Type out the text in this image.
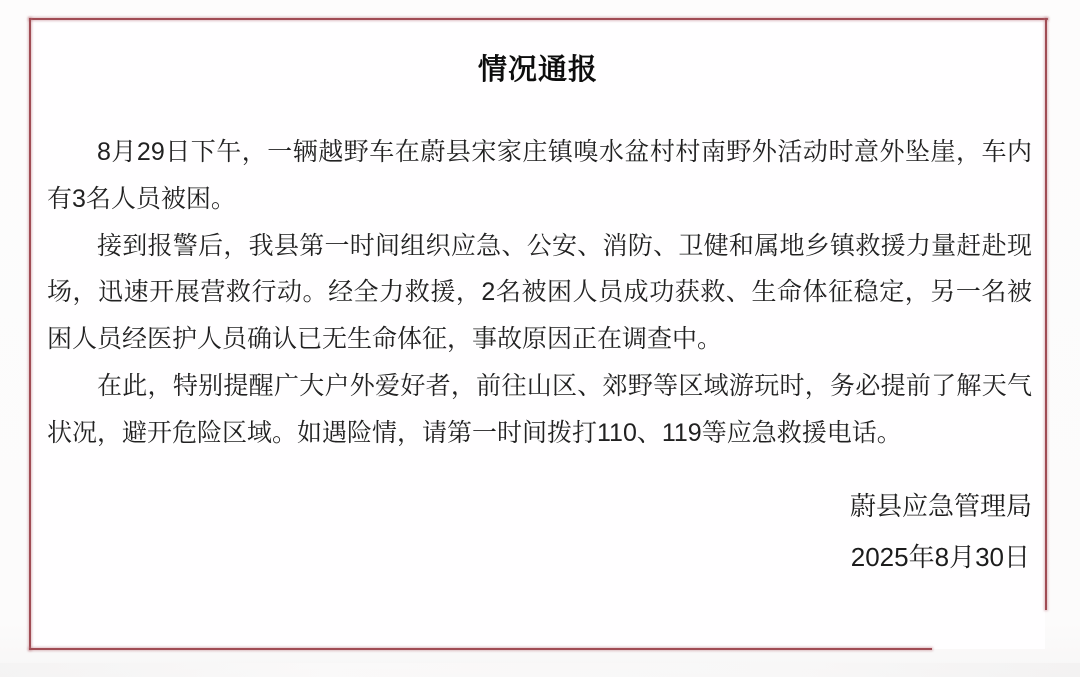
情况通报

8月29日下午，一辆越野车在蔚县宋家庄镇嗅水盆村村南野外活动时意外坠崖，车内有3名人员被困。

接到报警后，我县第一时间组织应急、公安、消防、卫健和属地乡镇救援力量赶赴现场，迅速开展营救行动。经全力救援，2名被困人员成功获救、生命体征稳定，另一名被困人员经医护人员确认已无生命体征，事故原因正在调查中。

在此，特别提醒广大户外爱好者，前往山区、郊野等区域游玩时，务必提前了解天气状况，避开危险区域。如遇险情，请第一时间拨打110、119等应急救援电话。

蔚县应急管理局
2025年8月30日
